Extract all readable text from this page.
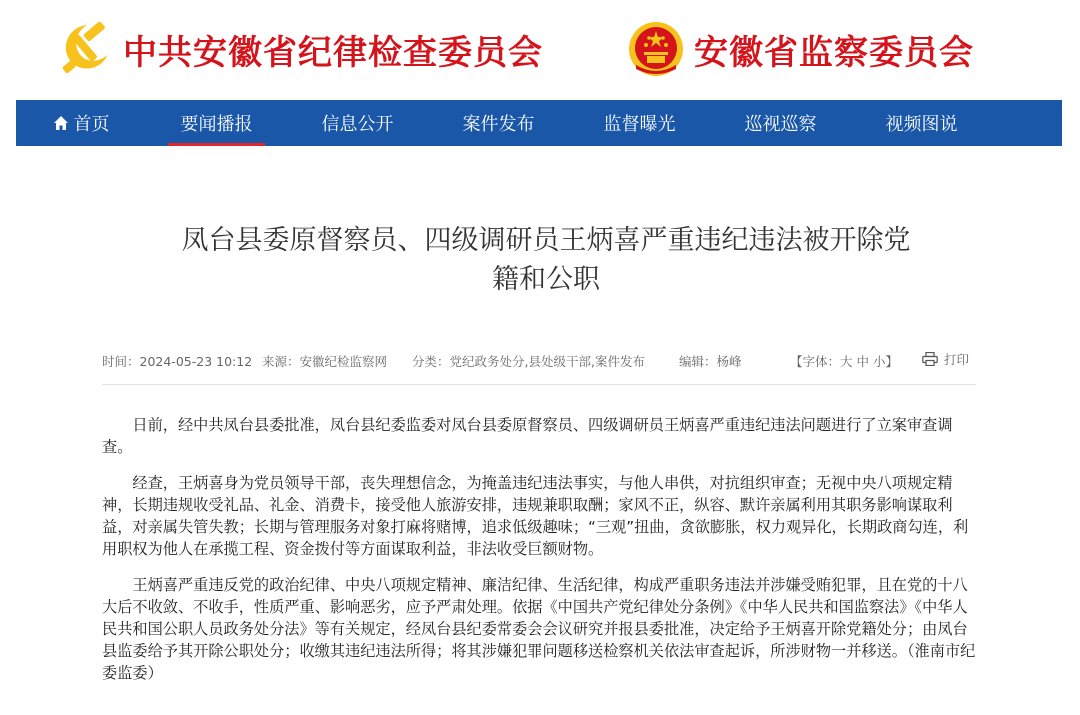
中共安徽省纪律检查委员会	安徽省监察委员会
首页	要闻播报	信息公开	案件发布	监督曝光	巡视巡察	视频图说
凤台县委原督察员、四级调研员王炳喜严重违纪违法被开除党
籍和公职
时间：2024-05-23 10:12 来源：安徽纪检监察网 分类：党纪政务处分,县处级干部,案件发布	编辑：杨峰	【字体：大 中 小】	打印

日前，经中共凤台县委批准，凤台县纪委监委对凤台县委原督察员、四级调研员王炳喜严重违纪违法问题进行了立案审查调查。

经查，王炳喜身为党员领导干部，丧失理想信念，为掩盖违纪违法事实，与他人串供，对抗组织审查；无视中央八项规定精神，长期违规收受礼品、礼金、消费卡，接受他人旅游安排，违规兼职取酬；家风不正，纵容、默许亲属利用其职务影响谋取利益，对亲属失管失教；长期与管理服务对象打麻将赌博，追求低级趣味；“三观”扭曲，贪欲膨胀，权力观异化，长期政商勾连，利用职权为他人在承揽工程、资金拨付等方面谋取利益，非法收受巨额财物。

王炳喜严重违反党的政治纪律、中央八项规定精神、廉洁纪律、生活纪律，构成严重职务违法并涉嫌受贿犯罪，且在党的十八大后不收敛、不收手，性质严重、影响恶劣，应予严肃处理。依据《中国共产党纪律处分条例》《中华人民共和国监察法》《中华人民共和国公职人员政务处分法》等有关规定，经凤台县纪委常委会会议研究并报县委批准，决定给予王炳喜开除党籍处分；由凤台县监委给予其开除公职处分；收缴其违纪违法所得；将其涉嫌犯罪问题移送检察机关依法审查起诉，所涉财物一并移送。（淮南市纪委监委）
